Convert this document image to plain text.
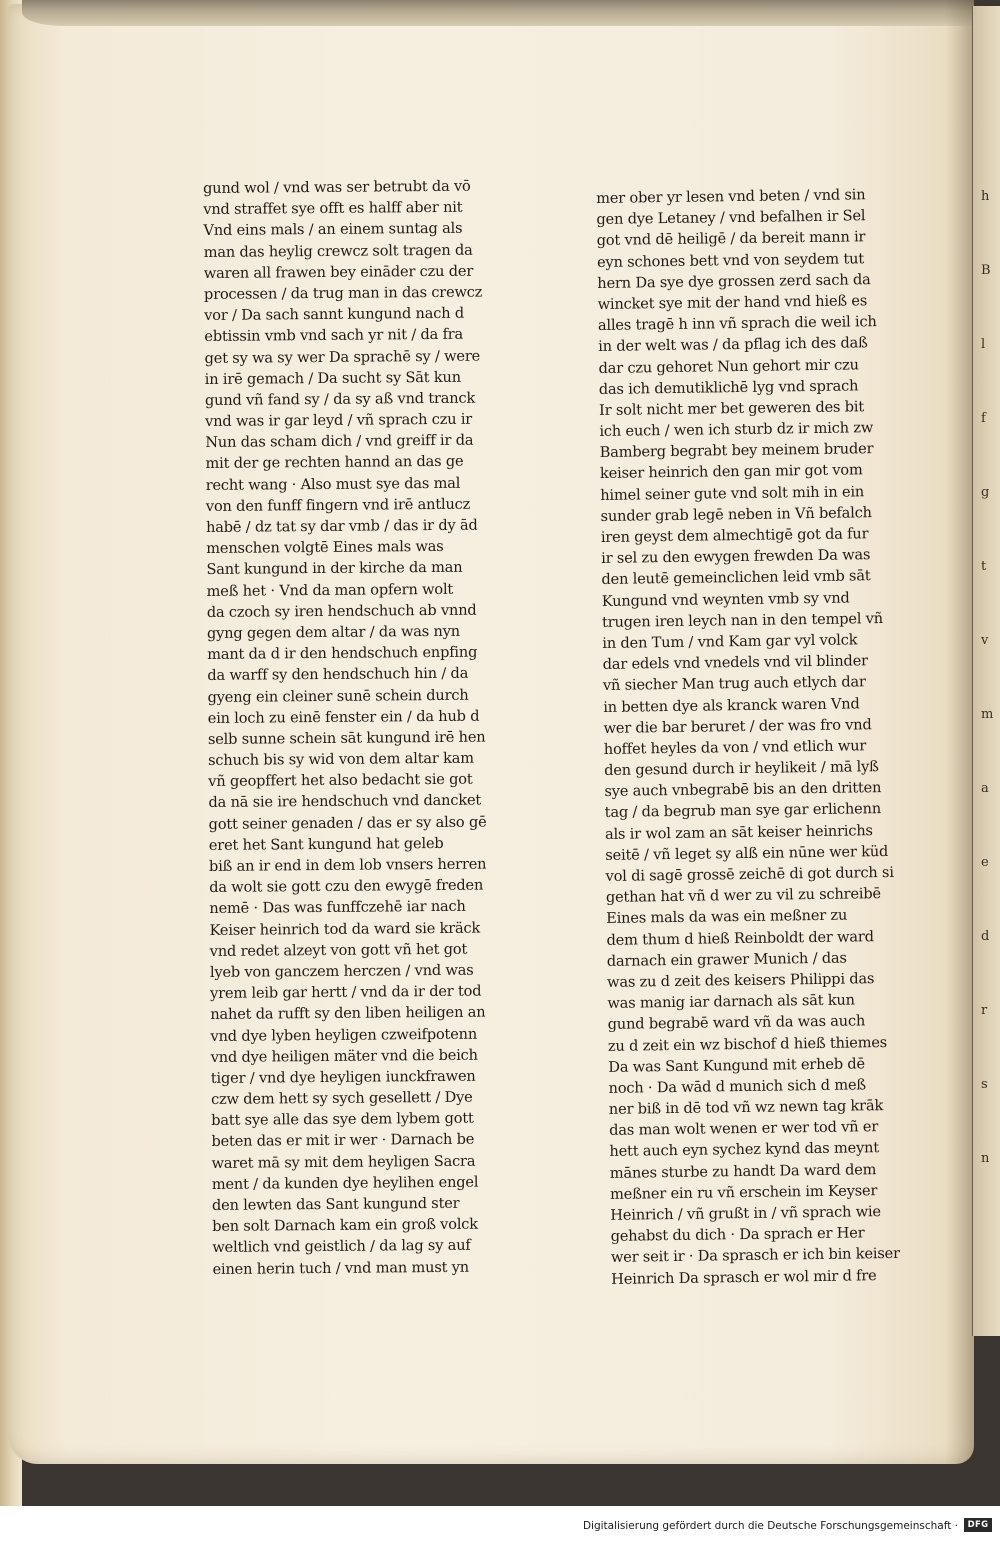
h
B
l
f
g
t
v
m
a
e
d
r
s
n
gund wol / vnd was ser betrubt da vō
vnd straffet sye offt es halff aber nit
Vnd eins mals / an einem suntag als
man das heylig crewcz solt tragen da
waren all frawen bey eināder czu der
processen / da trug man in das crewcz
vor / Da sach sannt kungund nach d
ebtissin vmb vnd sach yr nit / da fra
get sy wa sy wer Da sprachē sy / were
in irē gemach / Da sucht sy Sāt kun
gund vñ fand sy / da sy aß vnd tranck
vnd was ir gar leyd / vñ sprach czu ir
Nun das scham dich / vnd greiff ir da
mit der ge rechten hannd an das ge
recht wang · Also must sye das mal
von den funff fingern vnd irē antlucz
habē / dz tat sy dar vmb / das ir dy ād
menschen volgtē Eines mals was
Sant kungund in der kirche da man
meß het · Vnd da man opfern wolt
da czoch sy iren hendschuch ab vnnd
gyng gegen dem altar / da was nyn
mant da d ir den hendschuch enpfing
da warff sy den hendschuch hin / da
gyeng ein cleiner sunē schein durch
ein loch zu einē fenster ein / da hub d
selb sunne schein sāt kungund irē hen
schuch bis sy wid von dem altar kam
vñ geopffert het also bedacht sie got
da nā sie ire hendschuch vnd dancket
gott seiner genaden / das er sy also gē
eret het Sant kungund hat geleb
biß an ir end in dem lob vnsers herren
da wolt sie gott czu den ewygē freden
nemē · Das was funffczehē iar nach
Keiser heinrich tod da ward sie kräck
vnd redet alzeyt von gott vñ het got
lyeb von ganczem herczen / vnd was
yrem leib gar hertt / vnd da ir der tod
nahet da rufft sy den liben heiligen an
vnd dye lyben heyligen czweifpotenn
vnd dye heiligen mäter vnd die beich
tiger / vnd dye heyligen iunckfrawen
czw dem hett sy sych gesellett / Dye
batt sye alle das sye dem lybem gott
beten das er mit ir wer · Darnach be
waret mā sy mit dem heyligen Sacra
ment / da kunden dye heylihen engel
den lewten das Sant kungund ster
ben solt Darnach kam ein groß volck
weltlich vnd geistlich / da lag sy auf
einen herin tuch / vnd man must yn
mer ober yr lesen vnd beten / vnd sin
gen dye Letaney / vnd befalhen ir Sel
got vnd dē heiligē / da bereit mann ir
eyn schones bett vnd von seydem tut
hern Da sye dye grossen zerd sach da
wincket sye mit der hand vnd hieß es
alles tragē h inn vñ sprach die weil ich
in der welt was / da pflag ich des daß
dar czu gehoret Nun gehort mir czu
das ich demutiklichē lyg vnd sprach
Ir solt nicht mer bet geweren des bit
ich euch / wen ich sturb dz ir mich zw
Bamberg begrabt bey meinem bruder
keiser heinrich den gan mir got vom
himel seiner gute vnd solt mih in ein
sunder grab legē neben in Vñ befalch
iren geyst dem almechtigē got da fur
ir sel zu den ewygen frewden Da was
den leutē gemeinclichen leid vmb sāt
Kungund vnd weynten vmb sy vnd
trugen iren leych nan in den tempel vñ
in den Tum / vnd Kam gar vyl volck
dar edels vnd vnedels vnd vil blinder
vñ siecher Man trug auch etlych dar
in betten dye als kranck waren Vnd
wer die bar beruret / der was fro vnd
hoffet heyles da von / vnd etlich wur
den gesund durch ir heylikeit / mā lyß
sye auch vnbegrabē bis an den dritten
tag / da begrub man sye gar erlichenn
als ir wol zam an sāt keiser heinrichs
seitē / vñ leget sy alß ein nūne wer küd
vol di sagē grossē zeichē di got durch si
gethan hat vñ d wer zu vil zu schreibē
Eines mals da was ein meßner zu
dem thum d hieß Reinboldt der ward
darnach ein grawer Munich / das
was zu d zeit des keisers Philippi das
was manig iar darnach als sāt kun
gund begrabē ward vñ da was auch
zu d zeit ein wz bischof d hieß thiemes
Da was Sant Kungund mit erheb dē
noch · Da wād d munich sich d meß
ner biß in dē tod vñ wz newn tag krāk
das man wolt wenen er wer tod vñ er
hett auch eyn sychez kynd das meynt
mānes sturbe zu handt Da ward dem
meßner ein ru vñ erschein im Keyser
Heinrich / vñ grußt in / vñ sprach wie
gehabst du dich · Da sprach er Her
wer seit ir · Da sprasch er ich bin keiser
Heinrich Da sprasch er wol mir d fre
Digitalisierung gefördert durch die Deutsche Forschungsgemeinschaft ·	DFG
